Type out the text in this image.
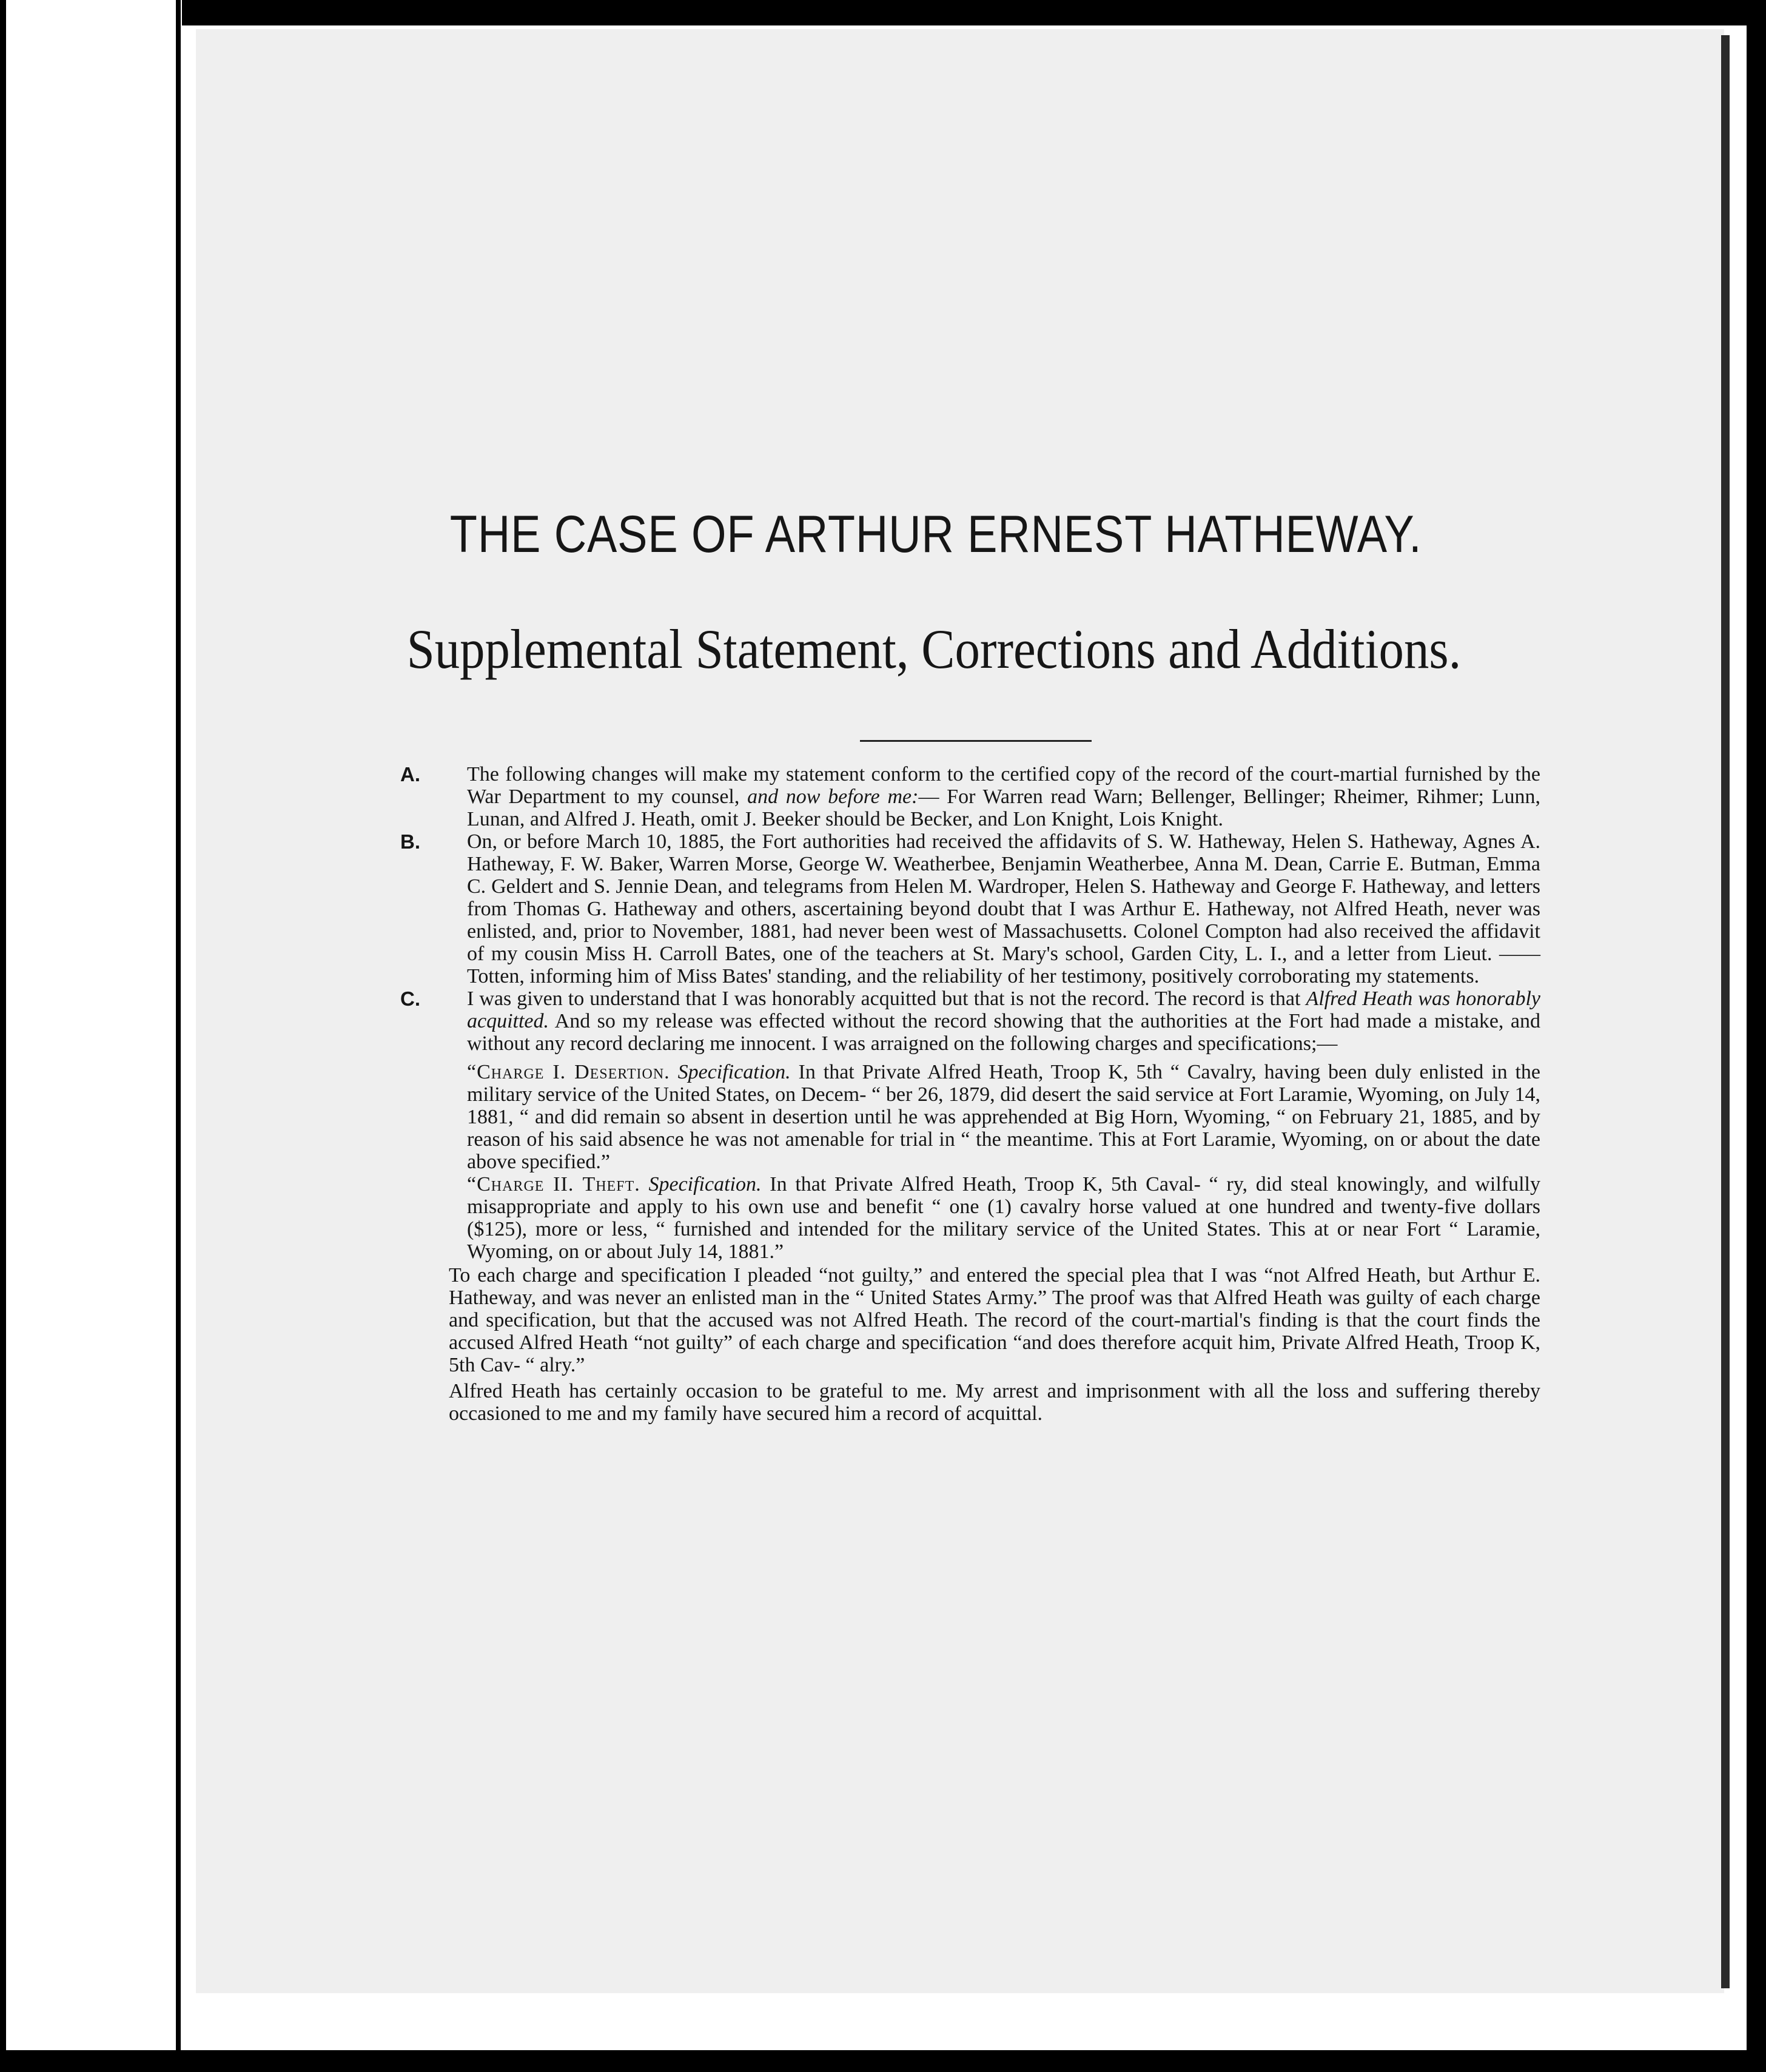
THE CASE OF ARTHUR ERNEST HATHEWAY.
Supplemental Statement, Corrections and Additions.

A. The following changes will make my statement conform to the certified copy of the record of the court-martial furnished by the War Department to my counsel, and now before me:— For Warren read Warn; Bellenger, Bellinger; Rheimer, Rihmer; Lunn, Lunan, and Alfred J. Heath, omit J. Beeker should be Becker, and Lon Knight, Lois Knight.

B. On, or before March 10, 1885, the Fort authorities had received the affidavits of S. W. Hatheway, Helen S. Hatheway, Agnes A. Hatheway, F. W. Baker, Warren Morse, George W. Weatherbee, Benjamin Weatherbee, Anna M. Dean, Carrie E. Butman, Emma C. Geldert and S. Jennie Dean, and telegrams from Helen M. Wardroper, Helen S. Hatheway and George F. Hatheway, and letters from Thomas G. Hatheway and others, ascertaining beyond doubt that I was Arthur E. Hatheway, not Alfred Heath, never was enlisted, and, prior to November, 1881, had never been west of Massachusetts. Colonel Compton had also received the affidavit of my cousin Miss H. Carroll Bates, one of the teachers at St. Mary's school, Garden City, L. I., and a letter from Lieut. —— Totten, informing him of Miss Bates' standing, and the reliability of her testimony, positively corroborating my statements.

C. I was given to understand that I was honorably acquitted but that is not the record. The record is that Alfred Heath was honorably acquitted. And so my release was effected without the record showing that the authorities at the Fort had made a mistake, and without any record declaring me innocent. I was arraigned on the following charges and specifications;—

“Charge I. Desertion. Specification. In that Private Alfred Heath, Troop K, 5th “ Cavalry, having been duly enlisted in the military service of the United States, on Decem- “ ber 26, 1879, did desert the said service at Fort Laramie, Wyoming, on July 14, 1881, “ and did remain so absent in desertion until he was apprehended at Big Horn, Wyoming, “ on February 21, 1885, and by reason of his said absence he was not amenable for trial in “ the meantime. This at Fort Laramie, Wyoming, on or about the date above specified.”

“Charge II. Theft. Specification. In that Private Alfred Heath, Troop K, 5th Caval- “ ry, did steal knowingly, and wilfully misappropriate and apply to his own use and benefit “ one (1) cavalry horse valued at one hundred and twenty-five dollars ($125), more or less, “ furnished and intended for the military service of the United States. This at or near Fort “ Laramie, Wyoming, on or about July 14, 1881.”

To each charge and specification I pleaded “not guilty,” and entered the special plea that I was “not Alfred Heath, but Arthur E. Hatheway, and was never an enlisted man in the “ United States Army.” The proof was that Alfred Heath was guilty of each charge and specification, but that the accused was not Alfred Heath. The record of the court-martial's finding is that the court finds the accused Alfred Heath “not guilty” of each charge and specification “and does therefore acquit him, Private Alfred Heath, Troop K, 5th Cav- “ alry.”

Alfred Heath has certainly occasion to be grateful to me. My arrest and imprisonment with all the loss and suffering thereby occasioned to me and my family have secured him a record of acquittal.
